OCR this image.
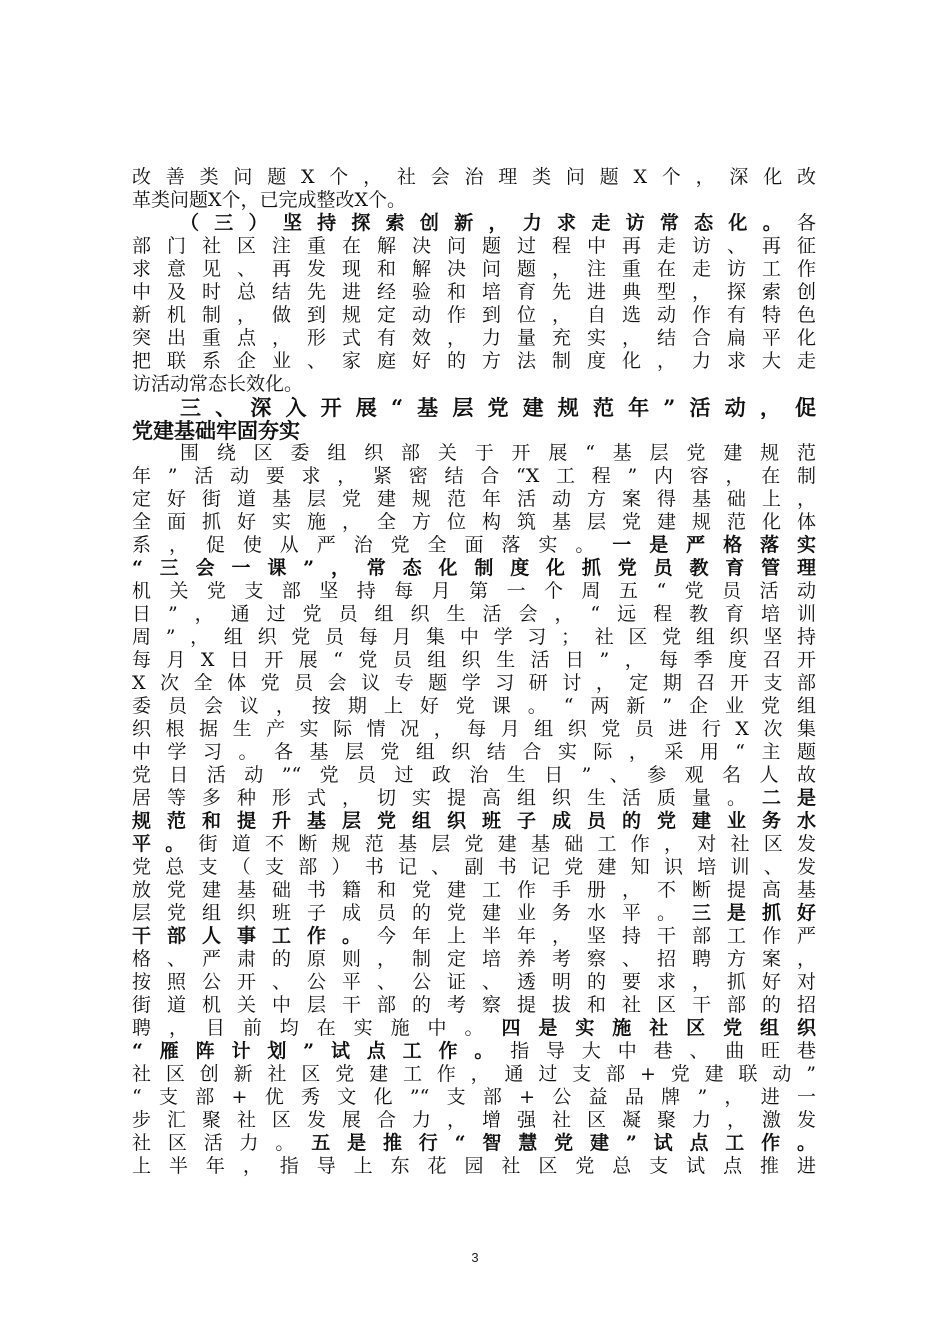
改善类问题X个，社会治理类问题X个，深化改
革类问题X个，已完成整改X个。
（三）坚持探索创新，力求走访常态化。各
部门社区注重在解决问题过程中再走访、再征
求意见、再发现和解决问题，注重在走访工作
中及时总结先进经验和培育先进典型，探索创
新机制，做到规定动作到位，自选动作有特色
突出重点，形式有效，力量充实，结合扁平化
把联系企业、家庭好的方法制度化，力求大走
访活动常态长效化。
三、深入开展“基层党建规范年”活动，促
党建基础牢固夯实
围绕区委组织部关于开展“基层党建规范
年”活动要求，紧密结合“X工程”内容，在制
定好街道基层党建规范年活动方案得基础上，
全面抓好实施，全方位构筑基层党建规范化体
系，促使从严治党全面落实。一是严格落实
“三会一课”，常态化制度化抓党员教育管理
机关党支部坚持每月第一个周五“党员活动
日”，通过党员组织生活会，“远程教育培训
周”，组织党员每月集中学习；社区党组织坚持
每月X日开展“党员组织生活日”，每季度召开
X次全体党员会议专题学习研讨，定期召开支部
委员会议，按期上好党课。“两新”企业党组
织根据生产实际情况，每月组织党员进行X次集
中学习。各基层党组织结合实际，采用“主题
党日活动”“党员过政治生日”、参观名人故
居等多种形式，切实提高组织生活质量。二是
规范和提升基层党组织班子成员的党建业务水
平。街道不断规范基层党建基础工作，对社区发
党总支（支部）书记、副书记党建知识培训、发
放党建基础书籍和党建工作手册，不断提高基
层党组织班子成员的党建业务水平。三是抓好
干部人事工作。今年上半年，坚持干部工作严
格、严肃的原则，制定培养考察、招聘方案，
按照公开、公平、公证、透明的要求，抓好对
街道机关中层干部的考察提拔和社区干部的招
聘，目前均在实施中。四是实施社区党组织
“雁阵计划”试点工作。指导大中巷、曲旺巷
社区创新社区党建工作，通过支部+党建联动”
“支部+优秀文化”“支部+公益品牌”，进一
步汇聚社区发展合力，增强社区凝聚力，激发
社区活力。五是推行“智慧党建”试点工作。
上半年，指导上东花园社区党总支试点推进
3
